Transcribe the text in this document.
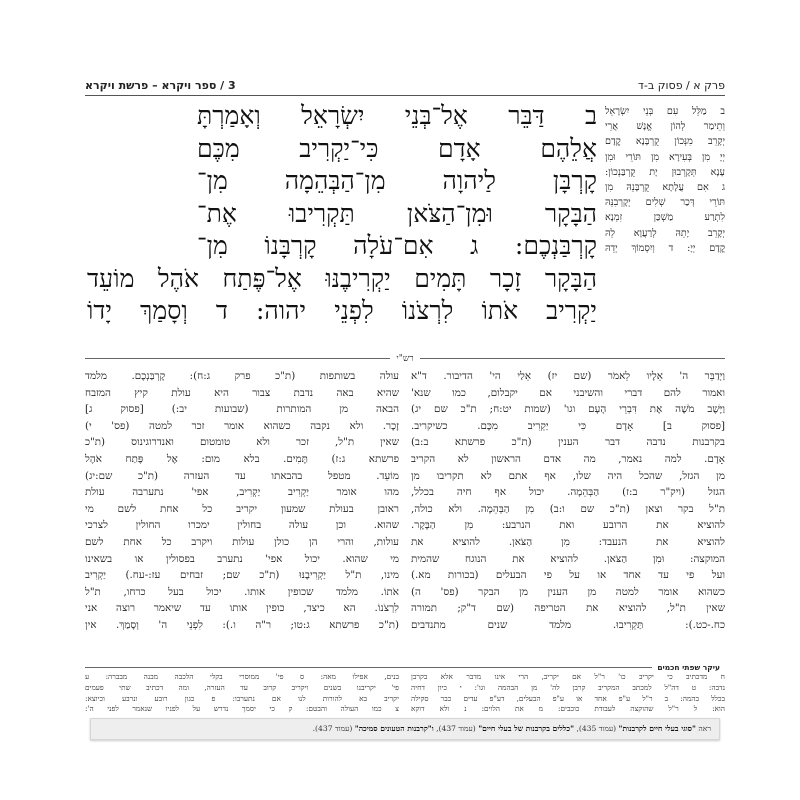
פרק א / פסוק ב-ד
3 / ספר ויקרא – פרשת ויקרא
ב מַלֵּל עִם בְּנֵי יִשְׂרָאֵל
וְתֵימַר לְהוֹן אֱנָשׁ אֲרֵי
יְקָרֵב מִנְּכוֹן קֻרְבָּנָא קֳדָם
יְיָ מִן בְּעִירָא מִן תּוֹרֵי וּמִן
עָנָא תְּקָרְבוּן יָת קֻרְבַּנְכוֹן:
ג אִם עֲלָתָא קֻרְבָּנֵהּ מִן
תּוֹרֵי דְּכַר שְׁלִים יְקָרְבִנֵּהּ
לִתְרַע מַשְׁכַּן זִמְנָא
יְקָרֵב יָתֵהּ לְרַעֲוָא לֵהּ
קֳדָם יְיָ: ד וְיִסְמוֹךְ יְדֵהּ
ב דַּבֵּר אֶל־בְּנֵי יִשְׂרָאֵל וְאָמַרְתָּ
אֲלֵהֶם אָדָם כִּי־יַקְרִיב מִכֶּם
קָרְבָּן לַיהוָה מִן־הַבְּהֵמָה מִן־
הַבָּקָר וּמִן־הַצֹּאן תַּקְרִיבוּ אֶת־
קָרְבַּנְכֶם: ג אִם־עֹלָה קָרְבָּנוֹ מִן־
הַבָּקָר זָכָר תָּמִים יַקְרִיבֶנּוּ אֶל־פֶּתַח אֹהֶל מוֹעֵד
יַקְרִיב אֹתוֹ לִרְצֹנוֹ לִפְנֵי יהוה: ד וְסָמַךְ יָדוֹ
רש"י
וַיְדַבֵּר ה' אֵלָיו לֵאמֹר (שם יז) אֵלַי הי' הדיבור. ד"א
ואמור להם דברי והשיבני אם יקבלום, כמו שנא'
וַיָּשֶׁב מֹשֶׁה אֶת דִּבְרֵי הָעָם וגו' (שמות יט:ח; ת"כ שם יג)
[פסוק ב] אָדָם כִּי יַקְרִיב מִכֶּם. כשיקריב.
בקרבנות נדבה דבר הענין (ת"כ פרשתא ב:ב)
אָדָם. למה נאמר, מה אדם הראשון לא הקריב
מן הגזל, שהכל היה שלו, אף אתם לא תקריבו מן
הגזל (ויק"ר ב:ז) הַבְּהֵמָה. יכול אף חיה בכלל,
ת"ל בקר וצאן (ת"כ שם ו:ב) מִן הַבְּהֵמָה. ולא כולה,
להוציא את הרובע ואת הנרבע: מִן הַבָּקָר.
להוציא את הנעבד: מִן הַצֹּאן. להוציא את
המוקצה: וּמִן הַצֹּאן. להוציא את הנוגח שהמית
ועל פי עד אחד או על פי הבעלים (בכורות מא.)
כשהוא אומר למטה מן הענין מן הבקר (פס' ה)
שאין ת"ל, להוציא את הטריפה (שם ד"ק; תמורה
כח.-כט.): תַּקְרִיבוּ. מלמד שנים מתנדבים
עולה בשותפות (ת"כ פרק ג:ח): קָרְבַּנְכֶם. מלמד
שהיא באה נדבת צבור היא עולת קיץ המזבח
הבאה מן המותרות (שבועות יב:) [פסוק ג]
זָכָר. ולא נקבה כשהוא אומר זכר למטה (פס' י)
שאין ת"ל, זכר ולא טומטום ואנדרוגינוס (ת"כ
פרשתא ג:ז) תָּמִים. בלא מום: אֶל פֶּתַח אֹהֶל
מוֹעֵד. מטפל בהבאתו עד העזרה (ת"כ שם:יג)
מהו אומר יַקְרִיב יַקְרִיב, אפי' נתערבה עולת
ראובן בעולת שמעון יקריב כל אחת לשם מי
שהוא. וכן עולה בחולין ימכרו החולין לצרכי
עולות, והרי הן כולן עולות ויקרב כל אחת לשם
מי שהוא. יכול אפי' נתערב בפסולין או בשאינו
מינו, ת"ל יַקְרִיבֶנּוּ (ת"כ שם; זבחים עז:-עח.) יַקְרִיב
אֹתוֹ. מלמד שכופין אותו. יכול בעל כרחו, ת"ל
לִרְצֹנוֹ. הא כיצד, כופין אותו עד שיאמר רוצה אני
(ת"כ פרשתא ג:טו; ר"ה ו.): לִפְנֵי ה' וְסָמַךְ. אין
עיקר שפתי חכמים
ח מדכתיב כי יקריב כו' ר"ל אם יקריב, הרי אינו מדבר אלא בקרבן
נדבה: ט דה"ל למכתב המקריב קרבן לה' מן הבהמה וגו': י כיון דחיה
בכלל בהמה: ב ר"ל ע"פ אחד או ע"פ הבעלים, דע"פ עדים כבר סקילה
הוא: ל ר"ל שהוקצה לעבודת כוכבים: מ את הלוים: נ ולא דוקא
בנים, אפילו מאה: ס פי' ממוסרי בקלי הלכבה מבנה מבברה: ע
פי' יקריבנו בשנים ויקריב קרוב עד העזרה, ומה דכתיב שתי פעמים
יקריב בא להורות לנו אם נתערבו: פ כגון רובע ונרבע וכיוצא:
צ כמו העולה והבטם: ק כי יסמך נדרש על לפניו שנאמר לפני ה':
ראה "סוגי בעלי חיים לקרבנות" (עמוד 435), "כללים בקרבנות של בעלי חיים" (עמוד 437), ו"קרבנות הטעונים סמיכה" (עמוד 437).
